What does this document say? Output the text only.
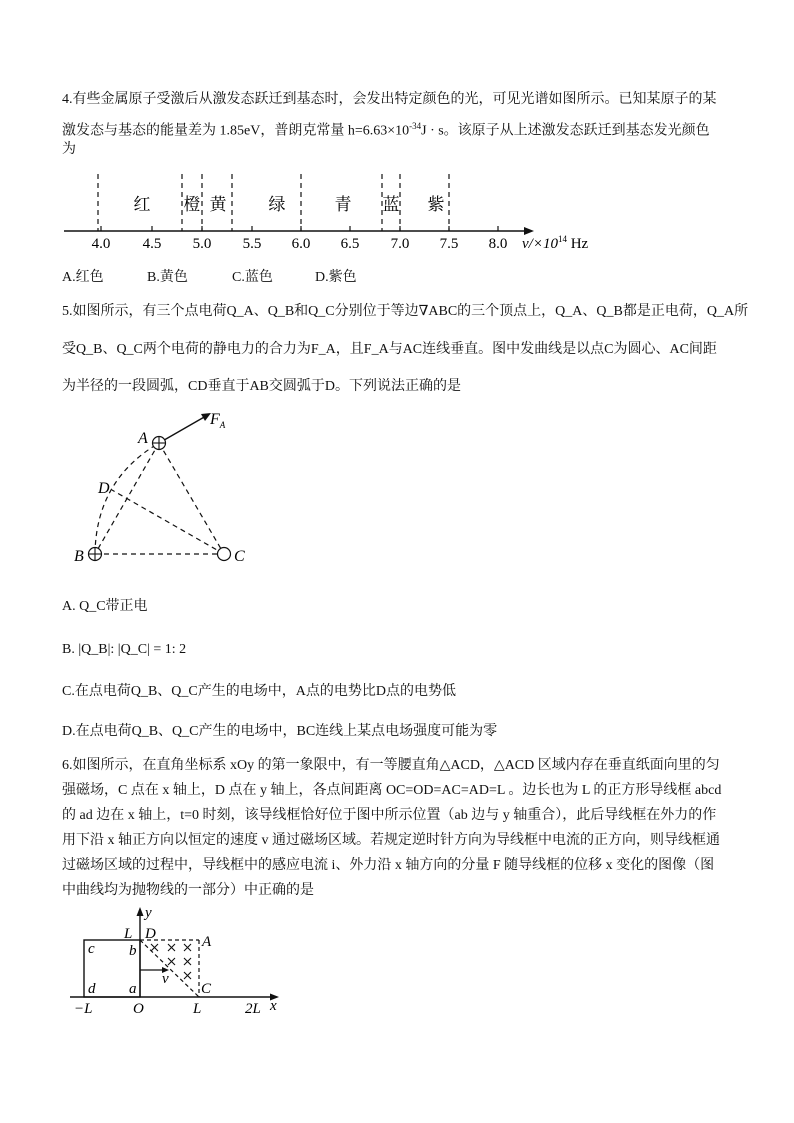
4.有些金属原子受激后从激发态跃迁到基态时，会发出特定颜色的光，可见光谱如图所示。已知某原子的某
激发态与基态的能量差为 1.85eV，普朗克常量 $h=6.63\times 10^{-34}J \cdot s$。该原子从上述激发态跃迁到基态发光颜色
为
红 橙 黄 绿	青 蓝 紫
4.0 4.5 5.0 5.5 6.0 6.5 7.0 7.5 8.0 $\nu/\times 10^{14}$ Hz
A.红色	B.黄色	C.蓝色	D.紫色
5.如图所示，有三个点电荷Q_A、Q_B和Q_C分别位于等边∇ABC的三个顶点上，Q_A、Q_B都是正电荷，Q_A所
受Q_B、Q_C两个电荷的静电力的合力为F_A，且F_A与AC连线垂直。图中发曲线是以点C为圆心、AC间距
为半径的一段圆弧，CD垂直于AB交圆弧于D。下列说法正确的是
A
B	C
D
$F_A$
A. Q_C带正电
B. |Q_B|: |Q_C| = 1: 2
C.在点电荷Q_B、Q_C产生的电场中，A点的电势比D点的电势低
D.在点电荷Q_B、Q_C产生的电场中，BC连线上某点电场强度可能为零
6.如图所示，在直角坐标系 xOy 的第一象限中，有一等腰直角△ACD，△ACD 区域内存在垂直纸面向里的匀
强磁场，C 点在 x 轴上，D 点在 y 轴上，各点间距离 OC=OD=AC=AD=L 。边长也为 L 的正方形导线框 abcd
的 ad 边在 x 轴上，t=0 时刻，该导线框恰好位于图中所示位置（ab 边与 y 轴重合），此后导线框在外力的作
用下沿 x 轴正方向以恒定的速度 v 通过磁场区域。若规定逆时针方向为导线框中电流的正方向，则导线框通
过磁场区域的过程中，导线框中的感应电流 i、外力沿 x 轴方向的分量 F 随导线框的位移 x 变化的图像（图
中曲线均为抛物线的一部分）中正确的是
y
L D	A
c b
v
d a	C
O	L	2L x
−L
